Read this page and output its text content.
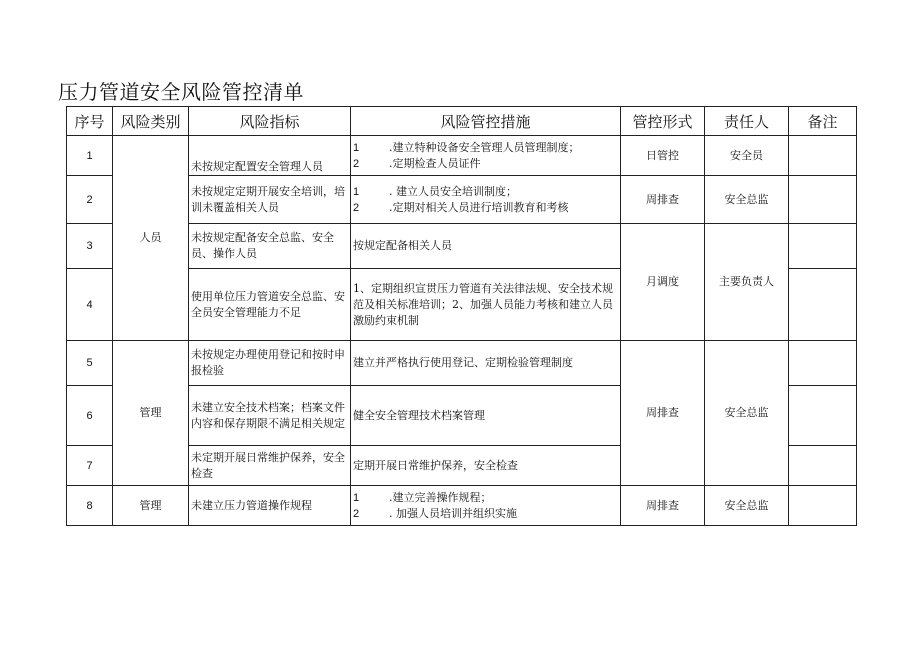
压力管道安全风险管控清单
序号	风险类别	风险指标	风险管控措施	管控形式	责任人	备注
1	人员	未按规定配置安全管理人员	1 .建立特种设备安全管理人员管理制度；
2 .定期检查人员证件	日管控	安全员	
2		未按规定定期开展安全培训，培训未覆盖相关人员	1 . 建立人员安全培训制度；
2 .定期对相关人员进行培训教育和考核	周排查	安全总监	
3		未按规定配备安全总监、安全员、操作人员	按规定配备相关人员	月调度	主要负责人	
4		使用单位压力管道安全总监、安全员安全管理能力不足	1、定期组织宣贯压力管道有关法律法规、安全技术规范及相关标准培训；2、加强人员能力考核和建立人员激励约束机制			
5	管理	未按规定办理使用登记和按时申报检验	建立并严格执行使用登记、定期检验管理制度	周排查	安全总监	
6		未建立安全技术档案；档案文件内容和保存期限不满足相关规定	健全安全管理技术档案管理			
7		未定期开展日常维护保养，安全检查	定期开展日常维护保养，安全检查			
8	管理	未建立压力管道操作规程	1 .建立完善操作规程；
2 . 加强人员培训并组织实施	周排查	安全总监	
